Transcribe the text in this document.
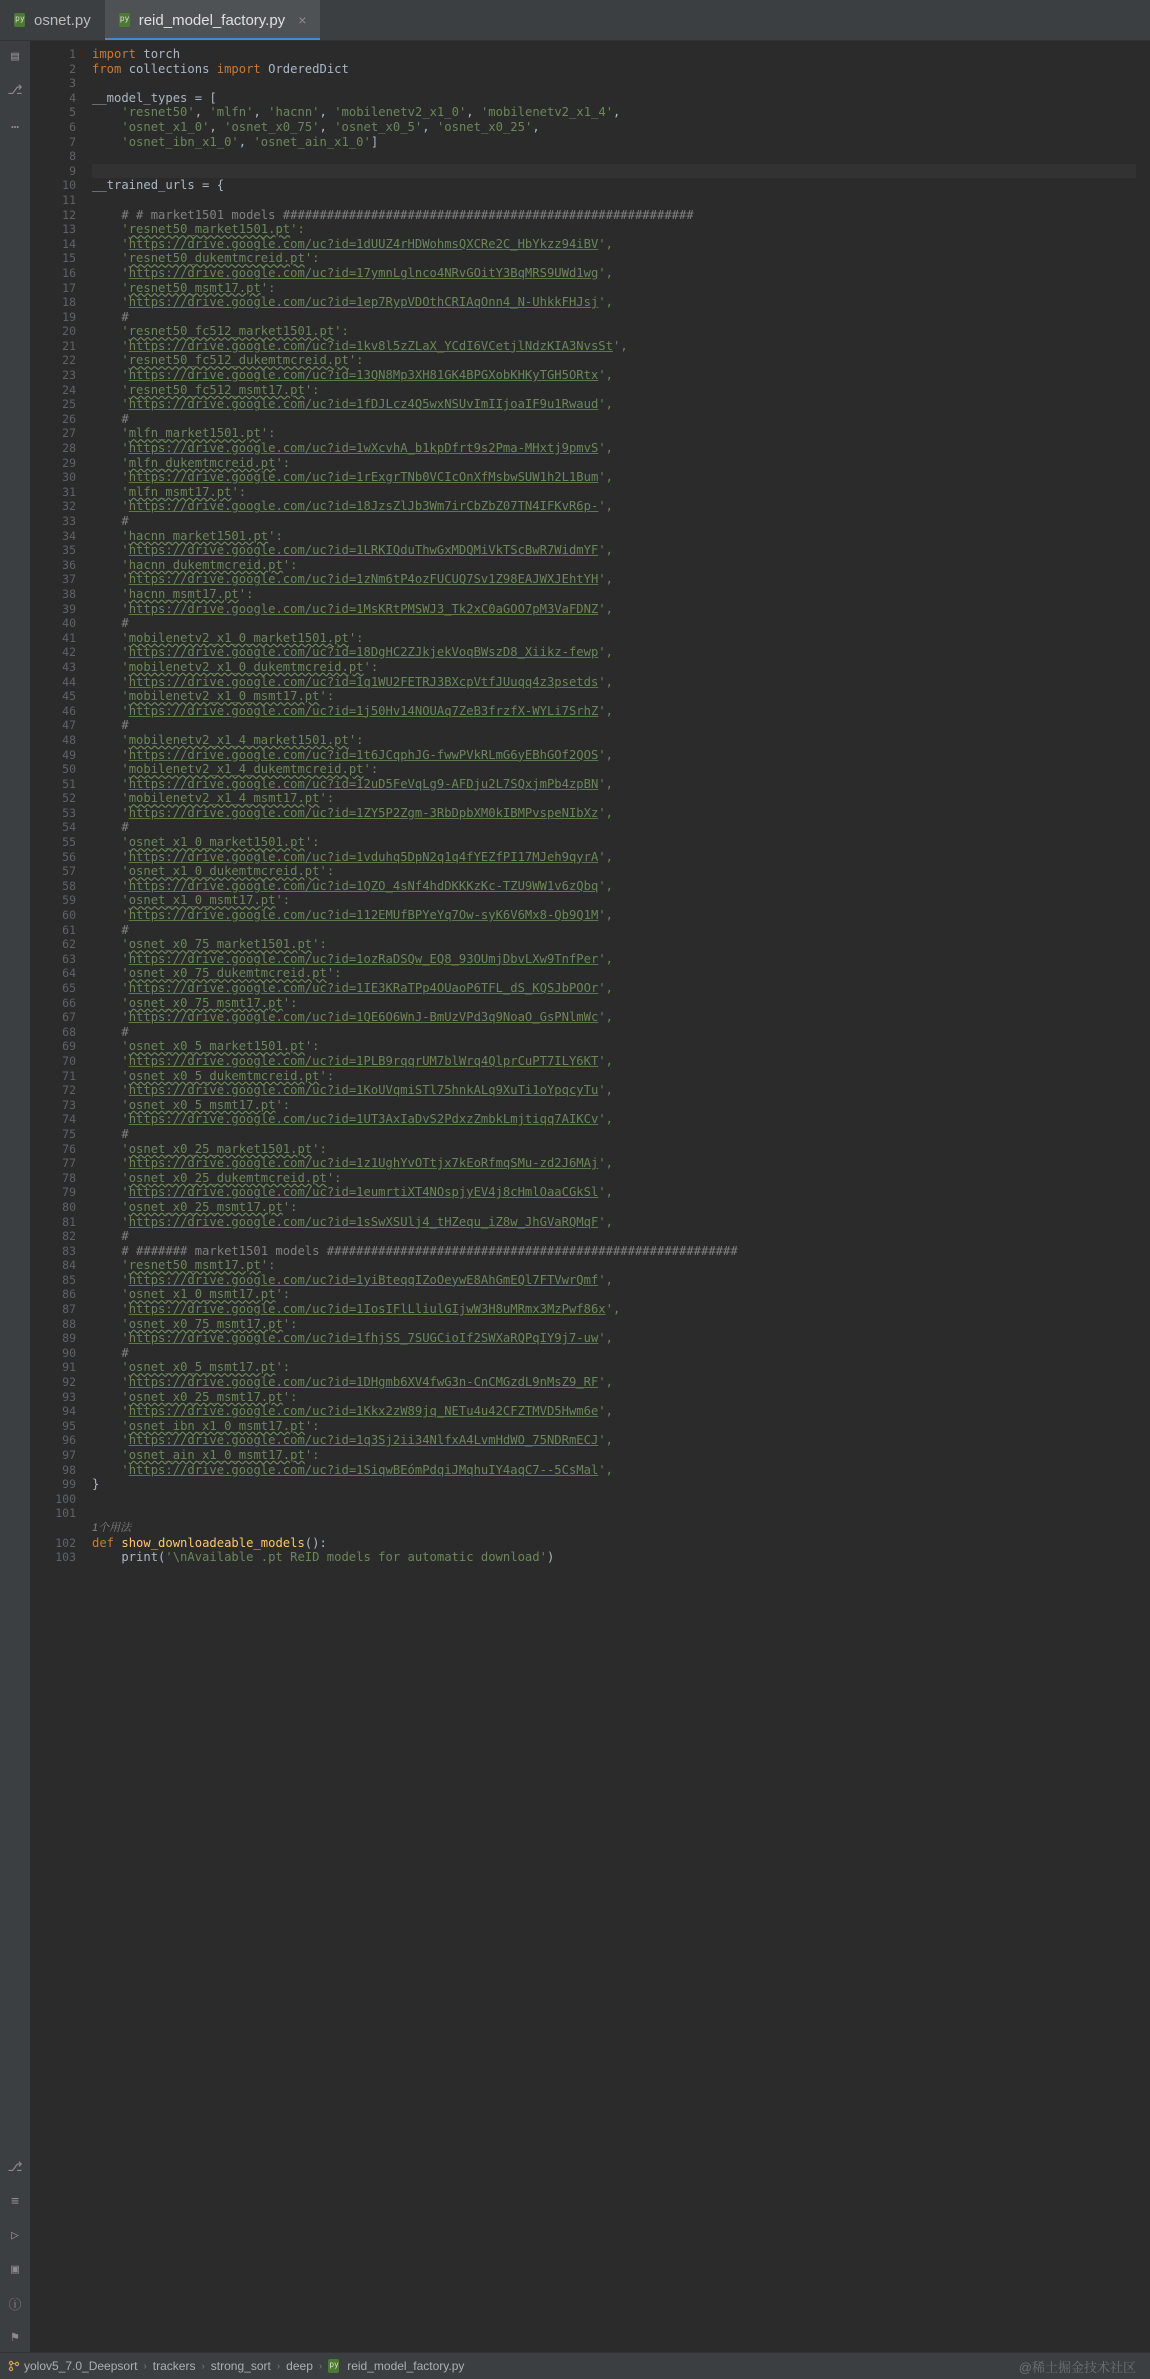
py
osnet.py py	reid_model_factory.py ×
▤
⎇
…
⎇
≡
▷
▣
ⓘ
⚑
1
2
3
4
5
6
7
8
9
10
11
12
13
14
15
16
17
18
19
20
21
22
23
24
25
26
27
28
29
30
31
32
33
34
35
36
37
38
39
40
41
42
43
44
45
46
47
48
49
50
51
52
53
54
55
56
57
58
59
60
61
62
63
64
65
66
67
68
69
70
71
72
73
74
75
76
77
78
79
80
81
82
83
84
85
86
87
88
89
90
91
92
93
94
95
96
97
98
99
100
101

102
103
import torch
from collections import OrderedDict

__model_types = [
'resnet50', 'mlfn', 'hacnn', 'mobilenetv2_x1_0', 'mobilenetv2_x1_4',
'osnet_x1_0', 'osnet_x0_75', 'osnet_x0_5', 'osnet_x0_25',
'osnet_ibn_x1_0', 'osnet_ain_x1_0']

__trained_urls = {

# # market1501 models ########################################################
'resnet50_market1501.pt':
'https://drive.google.com/uc?id=1dUUZ4rHDWohmsQXCRe2C_HbYkzz94iBV',
'resnet50_dukemtmcreid.pt':
'https://drive.google.com/uc?id=17ymnLglnco4NRvGOitY3BqMRS9UWd1wg',
'resnet50_msmt17.pt':
'https://drive.google.com/uc?id=1ep7RypVDOthCRIAqOnn4_N-UhkkFHJsj',
#
'resnet50_fc512_market1501.pt':
'https://drive.google.com/uc?id=1kv8l5zZLaX_YCdI6VCetjlNdzKIA3NvsSt',
'resnet50_fc512_dukemtmcreid.pt':
'https://drive.google.com/uc?id=13QN8Mp3XH81GK4BPGXobKHKyTGH5ORtx',
'resnet50_fc512_msmt17.pt':
'https://drive.google.com/uc?id=1fDJLcz4Q5wxNSUvImIIjoaIF9u1Rwaud',
#
'mlfn_market1501.pt':
'https://drive.google.com/uc?id=1wXcvhA_b1kpDfrt9s2Pma-MHxtj9pmvS',
'mlfn_dukemtmcreid.pt':
'https://drive.google.com/uc?id=1rExgrTNb0VCIcOnXfMsbwSUW1h2L1Bum',
'mlfn_msmt17.pt':
'https://drive.google.com/uc?id=18JzsZlJb3Wm7irCbZbZ07TN4IFKvR6p-',
#
'hacnn_market1501.pt':
'https://drive.google.com/uc?id=1LRKIQduThwGxMDQMiVkTScBwR7WidmYF',
'hacnn_dukemtmcreid.pt':
'https://drive.google.com/uc?id=1zNm6tP4ozFUCUQ7Sv1Z98EAJWXJEhtYH',
'hacnn_msmt17.pt':
'https://drive.google.com/uc?id=1MsKRtPMSWJ3_Tk2xC0aGOO7pM3VaFDNZ',
#
'mobilenetv2_x1_0_market1501.pt':
'https://drive.google.com/uc?id=18DgHC2ZJkjekVoqBWszD8_Xiikz-fewp',
'mobilenetv2_x1_0_dukemtmcreid.pt':
'https://drive.google.com/uc?id=1q1WU2FETRJ3BXcpVtfJUuqq4z3psetds',
'mobilenetv2_x1_0_msmt17.pt':
'https://drive.google.com/uc?id=1j50Hv14NOUAq7ZeB3frzfX-WYLi7SrhZ',
#
'mobilenetv2_x1_4_market1501.pt':
'https://drive.google.com/uc?id=1t6JCqphJG-fwwPVkRLmG6yEBhGOf2QOS',
'mobilenetv2_x1_4_dukemtmcreid.pt':
'https://drive.google.com/uc?id=12uD5FeVqLg9-AFDju2L7SQxjmPb4zpBN',
'mobilenetv2_x1_4_msmt17.pt':
'https://drive.google.com/uc?id=1ZY5P2Zgm-3RbDpbXM0kIBMPvspeNIbXz',
#
'osnet_x1_0_market1501.pt':
'https://drive.google.com/uc?id=1vduhq5DpN2q1q4fYEZfPI17MJeh9qyrA',
'osnet_x1_0_dukemtmcreid.pt':
'https://drive.google.com/uc?id=1QZO_4sNf4hdDKKKzKc-TZU9WW1v6zQbq',
'osnet_x1_0_msmt17.pt':
'https://drive.google.com/uc?id=112EMUfBPYeYq7Ow-syK6V6Mx8-Qb9Q1M',
#
'osnet_x0_75_market1501.pt':
'https://drive.google.com/uc?id=1ozRaDSQw_EQ8_93OUmjDbvLXw9TnfPer',
'osnet_x0_75_dukemtmcreid.pt':
'https://drive.google.com/uc?id=1IE3KRaTPp4OUaoP6TFL_dS_KQSJbPOOr',
'osnet_x0_75_msmt17.pt':
'https://drive.google.com/uc?id=1QE6O6WnJ-BmUzVPd3q9NoaO_GsPNlmWc',
#
'osnet_x0_5_market1501.pt':
'https://drive.google.com/uc?id=1PLB9rqqrUM7blWrq4QlprCuPT7ILY6KT',
'osnet_x0_5_dukemtmcreid.pt':
'https://drive.google.com/uc?id=1KoUVqmiSTl75hnkALq9XuTi1oYpqcyTu',
'osnet_x0_5_msmt17.pt':
'https://drive.google.com/uc?id=1UT3AxIaDvS2PdxzZmbkLmjtiqq7AIKCv',
#
'osnet_x0_25_market1501.pt':
'https://drive.google.com/uc?id=1z1UghYvOTtjx7kEoRfmqSMu-zd2J6MAj',
'osnet_x0_25_dukemtmcreid.pt':
'https://drive.google.com/uc?id=1eumrtiXT4NOspjyEV4j8cHmlOaaCGkSl',
'osnet_x0_25_msmt17.pt':
'https://drive.google.com/uc?id=1sSwXSUlj4_tHZequ_iZ8w_JhGVaRQMqF',
#
# ####### market1501 models ########################################################
'resnet50_msmt17.pt':
'https://drive.google.com/uc?id=1yiBteqqIZoOeywE8AhGmEQl7FTVwrQmf',
'osnet_x1_0_msmt17.pt':
'https://drive.google.com/uc?id=1IosIFlLliulGIjwW3H8uMRmx3MzPwf86x',
'osnet_x0_75_msmt17.pt':
'https://drive.google.com/uc?id=1fhjSS_7SUGCioIf2SWXaRQPqIY9j7-uw',
#
'osnet_x0_5_msmt17.pt':
'https://drive.google.com/uc?id=1DHgmb6XV4fwG3n-CnCMGzdL9nMsZ9_RF',
'osnet_x0_25_msmt17.pt':
'https://drive.google.com/uc?id=1Kkx2zW89jq_NETu4u42CFZTMVD5Hwm6e',
'osnet_ibn_x1_0_msmt17.pt':
'https://drive.google.com/uc?id=1q3Sj2ii34NlfxA4LvmHdWO_75NDRmECJ',
'osnet_ain_x1_0_msmt17.pt':
'https://drive.google.com/uc?id=1SiqwBEómPdqiJMqhuIY4aqC7--5CsMal',
}

1个用法
def show_downloadeable_models():
print('\nAvailable .pt ReID models for automatic download')
yolov5_7.0_Deepsort › trackers › strong_sort › deep › py reid_model_factory.py	@稀土掘金技术社区
